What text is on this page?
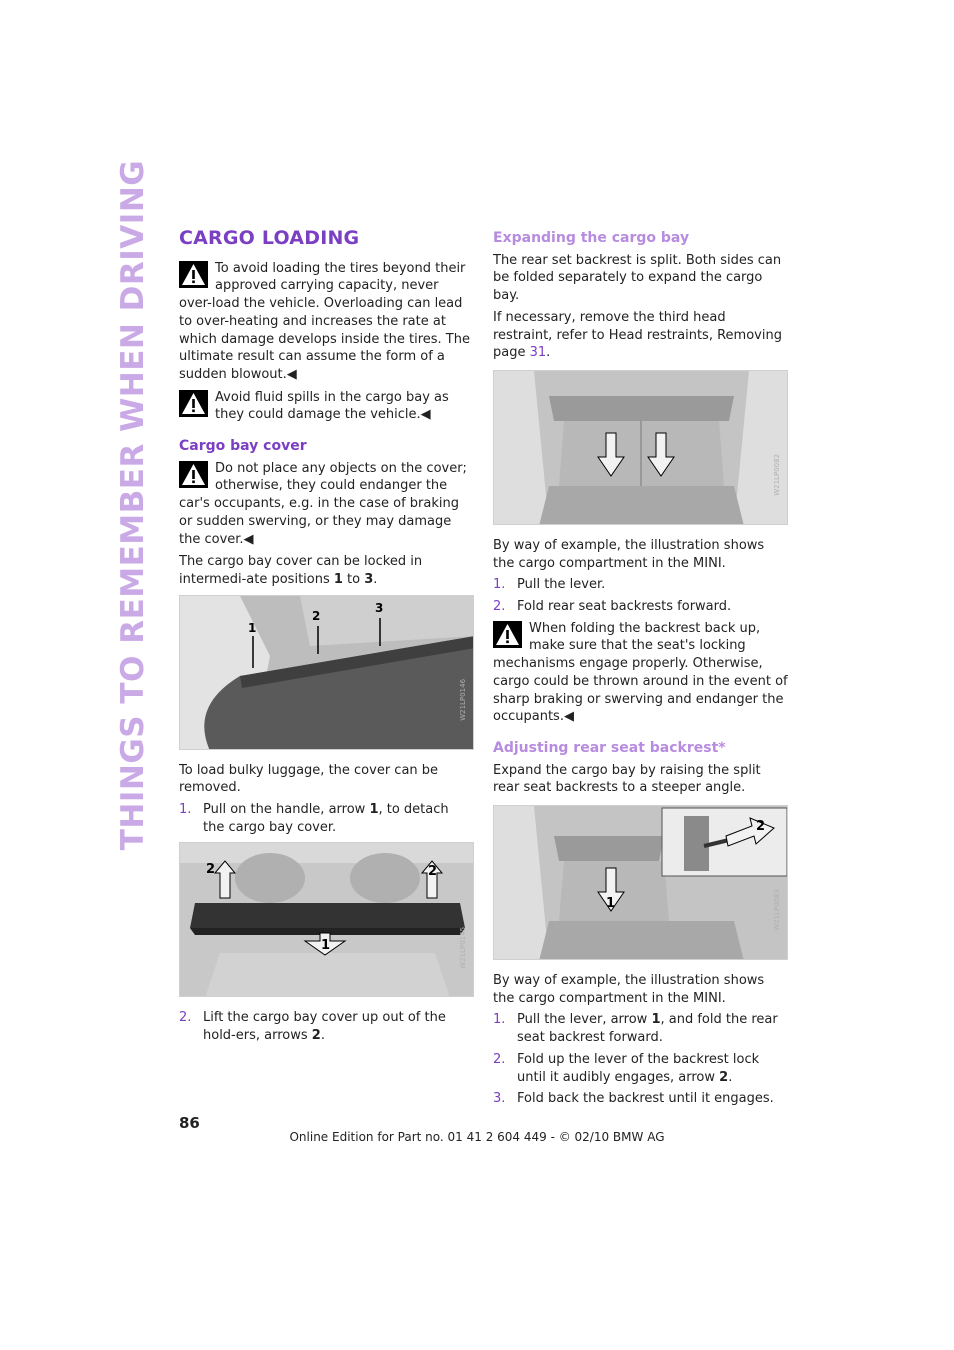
THINGS TO REMEMBER WHEN DRIVING CARGO LOADING

To avoid loading the tires beyond their approved carrying capacity, never over-load the vehicle. Overloading can lead to over-heating and increases the rate at which damage develops inside the tires. The ultimate result can assume the form of a sudden blowout.◀

Avoid fluid spills in the cargo bay as they could damage the vehicle.◀

Cargo bay cover

Do not place any objects on the cover; otherwise, they could endanger the car's occupants, e.g. in the case of braking or sudden swerving, or they may damage the cover.◀

The cargo bay cover can be locked in intermedi-ate positions 1 to 3.

1
2
3
W21LP0146

To load bulky luggage, the cover can be removed.

1. Pull on the handle, arrow 1, to detach the cargo bay cover.
2	2
1	W21LP0145
2. Lift the cargo bay cover up out of the hold-ers, arrows 2.
Expanding the cargo bay

The rear set backrest is split. Both sides can be folded separately to expand the cargo bay.

If necessary, remove the third head restraint, refer to Head restraints, Removing page 31.

W21LP0082

By way of example, the illustration shows the cargo compartment in the MINI.

1. Pull the lever.
2. Fold rear seat backrests forward.

When folding the backrest back up, make sure that the seat's locking mechanisms engage properly. Otherwise, cargo could be thrown around in the event of sharp braking or swerving and endanger the occupants.◀

Adjusting rear seat backrest*

Expand the cargo bay by raising the split rear seat backrests to a steeper angle.

1
2
W21LP0083

By way of example, the illustration shows the cargo compartment in the MINI.

1. Pull the lever, arrow 1, and fold the rear seat backrest forward.
2. Fold up the lever of the backrest lock until it audibly engages, arrow 2.
3. Fold back the backrest until it engages.
86
Online Edition for Part no. 01 41 2 604 449 - © 02/10 BMW AG
